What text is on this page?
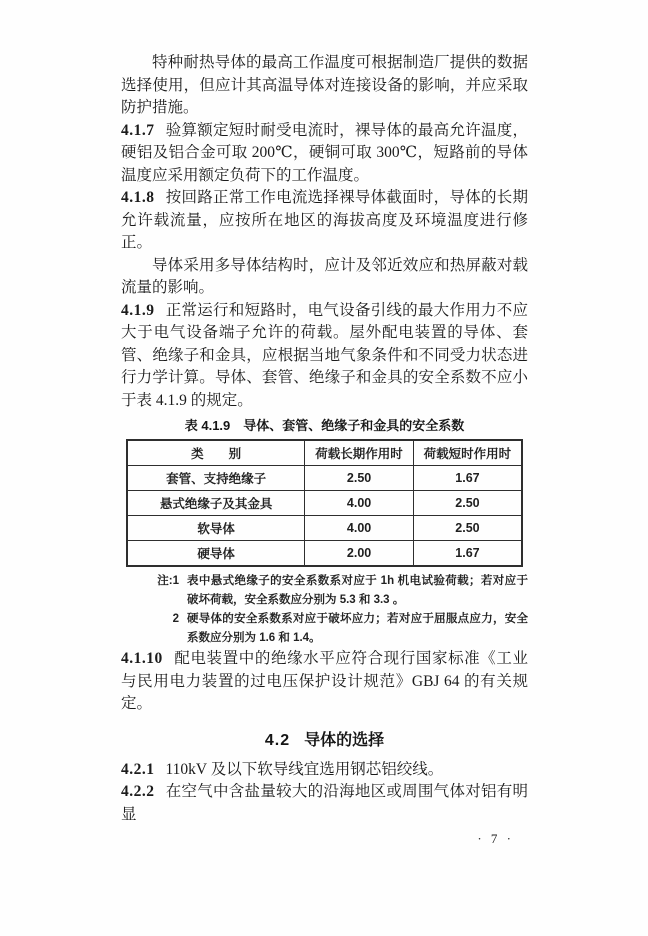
特种耐热导体的最高工作温度可根据制造厂提供的数据选择使用，但应计其高温导体对连接设备的影响，并应采取防护措施。

4.1.7 验算额定短时耐受电流时，裸导体的最高允许温度，硬铝及铝合金可取 200℃，硬铜可取 300℃，短路前的导体温度应采用额定负荷下的工作温度。

4.1.8 按回路正常工作电流选择裸导体截面时，导体的长期允许载流量，应按所在地区的海拔高度及环境温度进行修正。

导体采用多导体结构时，应计及邻近效应和热屏蔽对载流量的影响。

4.1.9 正常运行和短路时，电气设备引线的最大作用力不应大于电气设备端子允许的荷载。屋外配电装置的导体、套管、绝缘子和金具，应根据当地气象条件和不同受力状态进行力学计算。导体、套管、绝缘子和金具的安全系数不应小于表 4.1.9 的规定。

表 4.1.9　导体、套管、绝缘子和金具的安全系数
类　　别	荷载长期作用时	荷载短时作用时
套管、支持绝缘子	2.50	1.67
悬式绝缘子及其金具	4.00	2.50
软导体	4.00	2.50
硬导体	2.00	1.67
注:1 表中悬式绝缘子的安全系数系对应于 1h 机电试验荷载；若对应于破坏荷载，安全系数应分别为 5.3 和 3.3 。
2 硬导体的安全系数系对应于破坏应力；若对应于屈服点应力，安全系数应分别为 1.6 和 1.4。

4.1.10 配电装置中的绝缘水平应符合现行国家标准《工业与民用电力装置的过电压保护设计规范》GBJ 64 的有关规定。

4.2 导体的选择

4.2.1 110kV 及以下软导线宜选用钢芯铝绞线。

4.2.2 在空气中含盐量较大的沿海地区或周围气体对铝有明显

· 7 ·
